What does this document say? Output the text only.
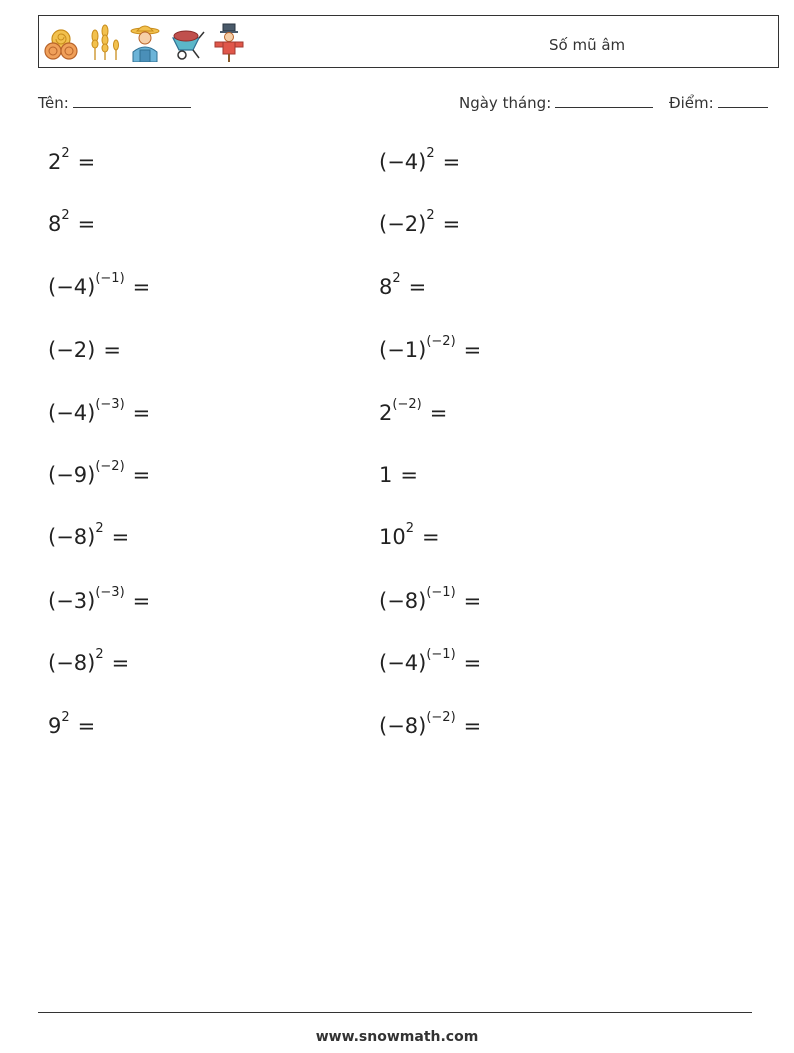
Số mũ âm
Tên:	Ngày tháng:	Điểm:
$2^2$ =
$8^2$ =
$(-4)^{(-1)}$ =
(−2) =
$(-4)^{(-3)}$ =
$(-9)^{(-2)}$ =
$(-8)^2$ =
$(-3)^{(-3)}$ =
$(-8)^2$ =
$9^2$ =
$(-4)^2$ =
$(-2)^2$ =
$8^2$ =
$(-1)^{(-2)}$ =
$2^{(-2)}$ =
1 =
$10^2$ =
$(-8)^{(-1)}$ =
$(-4)^{(-1)}$ =
$(-8)^{(-2)}$ =
www.snowmath.com
